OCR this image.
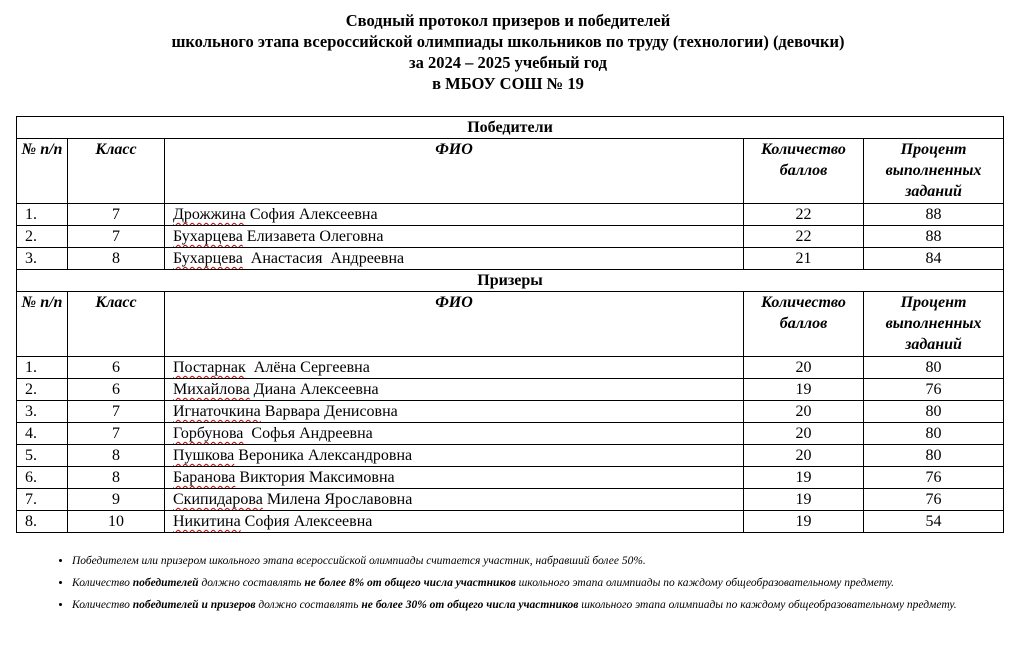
Сводный протокол призеров и победителей
школьного этапа всероссийской олимпиады школьников по труду (технологии) (девочки)
за 2024 – 2025 учебный год
в МБОУ СОШ № 19
Победители				
№ п/п	Класс	ФИО	Количество баллов	Процент выполненных заданий
1.	7	Дрожжина София Алексеевна	22	88
2.	7	Бухарцева Елизавета Олеговна	22	88
3.	8	Бухарцева  Анастасия  Андреевна	21	84
Призеры				
№ п/п	Класс	ФИО	Количество баллов	Процент выполненных заданий
1.	6	Постарнак  Алёна Сергеевна	20	80
2.	6	Михайлова Диана Алексеевна	19	76
3.	7	Игнаточкина Варвара Денисовна	20	80
4.	7	Горбунова  Софья Андреевна	20	80
5.	8	Пушкова Вероника Александровна	20	80
6.	8	Баранова Виктория Максимовна	19	76
7.	9	Скипидарова Милена Ярославовна	19	76
8.	10	Никитина София Алексеевна	19	54
• Победителем или призером школьного этапа всероссийской олимпиады считается участник, набравший более 50%.
• Количество победителей должно составлять не более 8% от общего числа участников школьного этапа олимпиады по каждому общеобразовательному предмету.
• Количество победителей и призеров должно составлять не более 30% от общего числа участников школьного этапа олимпиады по каждому общеобразовательному предмету.
